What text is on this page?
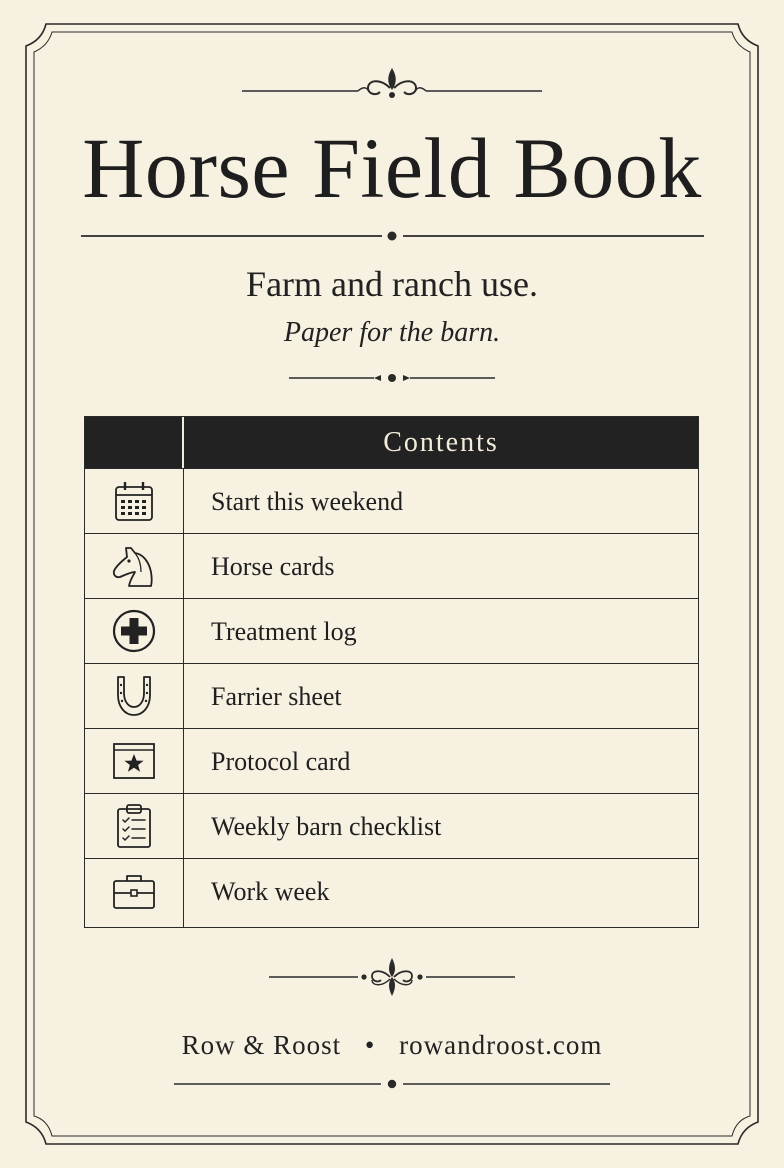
Horse Field Book
Farm and ranch use.
Paper for the barn.
Contents
Start this weekend
Horse cards
Treatment log
Farrier sheet
Protocol card
Weekly barn checklist
Work week
Row & Roost • rowandroost.com
